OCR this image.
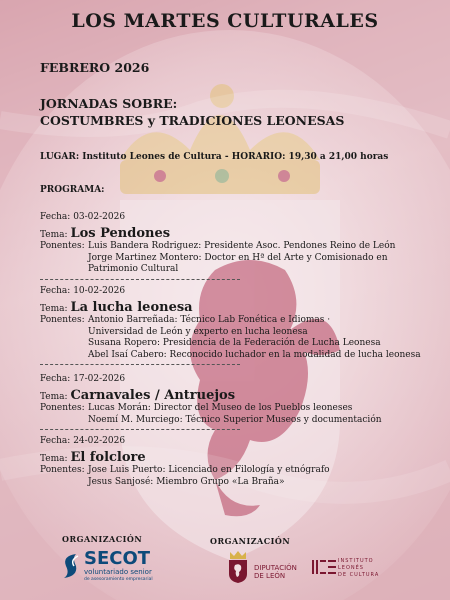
LOS MARTES CULTURALES
FEBRERO 2026
JORNADAS SOBRE:
COSTUMBRES y TRADICIONES LEONESAS
LUGAR: Instituto Leones de Cultura - HORARIO: 19,30 a 21,00 horas
PROGRAMA:
Fecha: 03-02-2026
Tema: Los Pendones
Ponentes: Luis Bandera Rodriguez: Presidente Asoc. Pendones Reino de León
Jorge Martinez Montero: Doctor en Hª del Arte y Comisionado en
Patrimonio Cultural
Fecha: 10-02-2026
Tema: La lucha leonesa
Ponentes: Antonio Barreñada: Técnico Lab Fonética e Idiomas ·
Universidad de León y experto en lucha leonesa
Susana Ropero: Presidencia de la Federación de Lucha Leonesa
Abel Isaí Cabero: Reconocido luchador en la modalidad de lucha leonesa
Fecha: 17-02-2026
Tema: Carnavales / Antruejos
Ponentes: Lucas Morán: Director del Museo de los Pueblos leoneses
Noemí M. Murciego: Técnico Superior Museos y documentación
Fecha: 24-02-2026
Tema: El folclore
Ponentes: Jose Luis Puerto: Licenciado en Filología y etnógrafo
Jesus Sanjosé: Miembro Grupo «La Braña»
ORGANIZACIÓN	ORGANIZACIÓN
SECOT
voluntariado senior
de asesoramiento empresarial
DIPUTACIÓN
DE LEÓN
INSTITUTO
LEONÉS
DE CULTURA
